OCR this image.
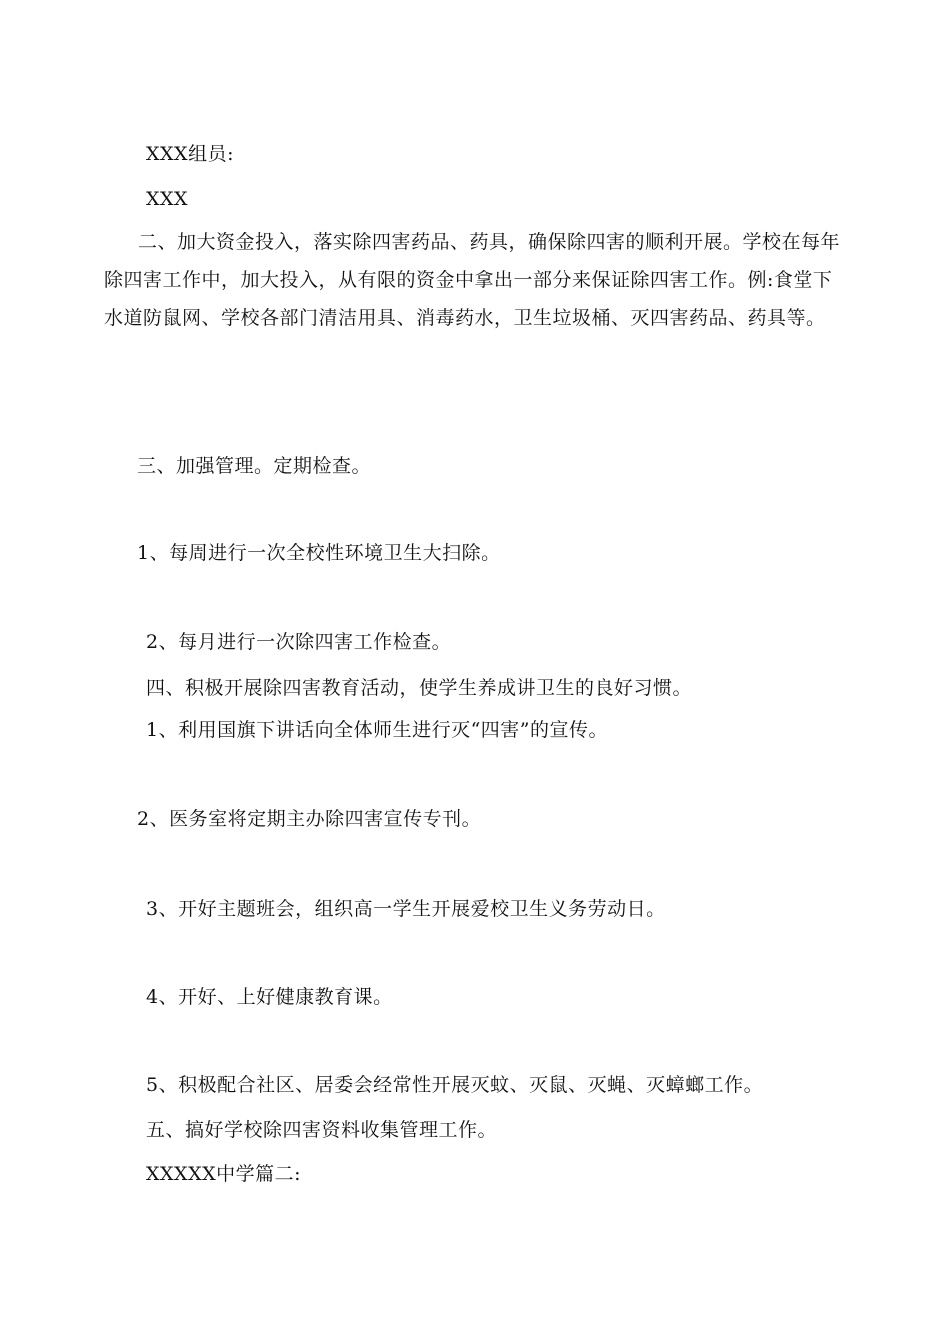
XXX组员:
XXX
二、加大资金投入，落实除四害药品、药具，确保除四害的顺利开展。学校在每年除四害工作中，加大投入，从有限的资金中拿出一部分来保证除四害工作。例:食堂下水道防鼠网、学校各部门清洁用具、消毒药水，卫生垃圾桶、灭四害药品、药具等。
三、加强管理。定期检查。
1、每周进行一次全校性环境卫生大扫除。
2、每月进行一次除四害工作检查。
四、积极开展除四害教育活动，使学生养成讲卫生的良好习惯。
1、利用国旗下讲话向全体师生进行灭“四害”的宣传。
2、医务室将定期主办除四害宣传专刊。
3、开好主题班会，组织高一学生开展爱校卫生义务劳动日。
4、开好、上好健康教育课。
5、积极配合社区、居委会经常性开展灭蚊、灭鼠、灭蝇、灭蟑螂工作。
五、搞好学校除四害资料收集管理工作。
XXXXX中学篇二:
